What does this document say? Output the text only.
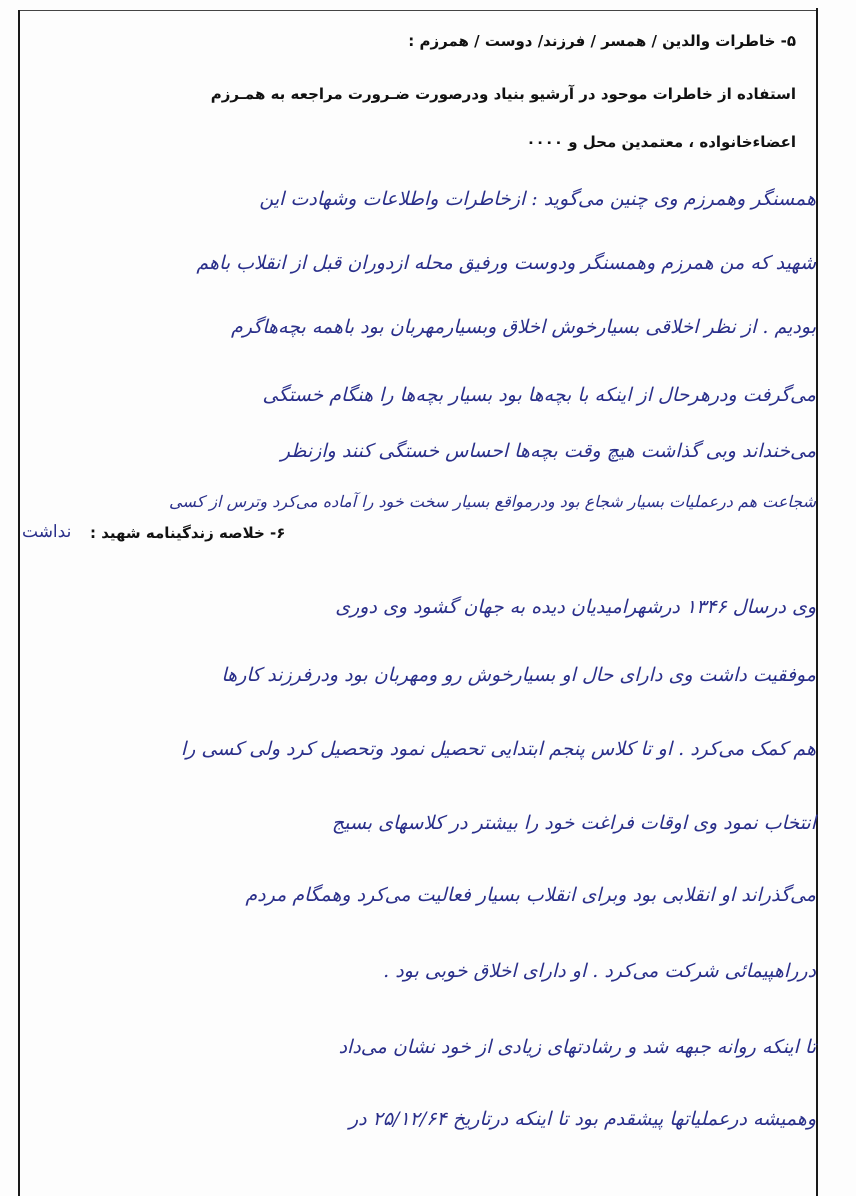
۵- خاطرات والدین / همسر / فرزند/ دوست / همرزم :
استفاده از خاطرات موحود در آرشیو بنیاد ودرصورت ضـرورت مراجعه به همـرزم
اعضاءخانواده ، معتمدین محل و ۰۰۰۰
همسنگر وهمرزم وی چنین می‌گوید : ازخاطرات واطلاعات وشهادت این
شهید که من همرزم وهمسنگر ودوست ورفیق محله ازدوران قبل از انقلاب باهم
بودیم . از نظر اخلاقی بسیارخوش اخلاق وبسیارمهربان بود باهمه بچه‌هاگرم
می‌گرفت ودرهرحال از اینکه با بچه‌ها بود بسیار بچه‌ها را هنگام خستگی
می‌خنداند وبی گذاشت هیچ وقت بچه‌ها احساس خستگی کنند وازنظر
شجاعت هم درعملیات بسیار شجاع بود ودرمواقع بسیار سخت خود را آماده می‌کرد وترس از کسی
نداشت ۶- خلاصه زندگینامه شهید :
وی درسال ۱۳۴۶ درشهرامیدیان دیده به جهان گشود وی دوری
موفقیت داشت وی دارای حال او بسیارخوش رو ومهربان بود ودرفرزند کارها
هم کمک می‌کرد . او تا کلاس پنجم ابتدایی تحصیل نمود وتحصیل کرد ولی کسی را
انتخاب نمود وی اوقات فراغت خود را بیشتر در کلاسهای بسیج
می‌گذراند او انقلابی بود وبرای انقلاب بسیار فعالیت می‌کرد وهمگام مردم
درراهپیمائی شرکت می‌کرد . او دارای اخلاق خوبی بود .
تا اینکه روانه جبهه شد و رشادتهای زیادی از خود نشان می‌داد
وهمیشه درعملیاتها پیشقدم بود تا اینکه درتاریخ ۲۵/۱۲/۶۴ در
